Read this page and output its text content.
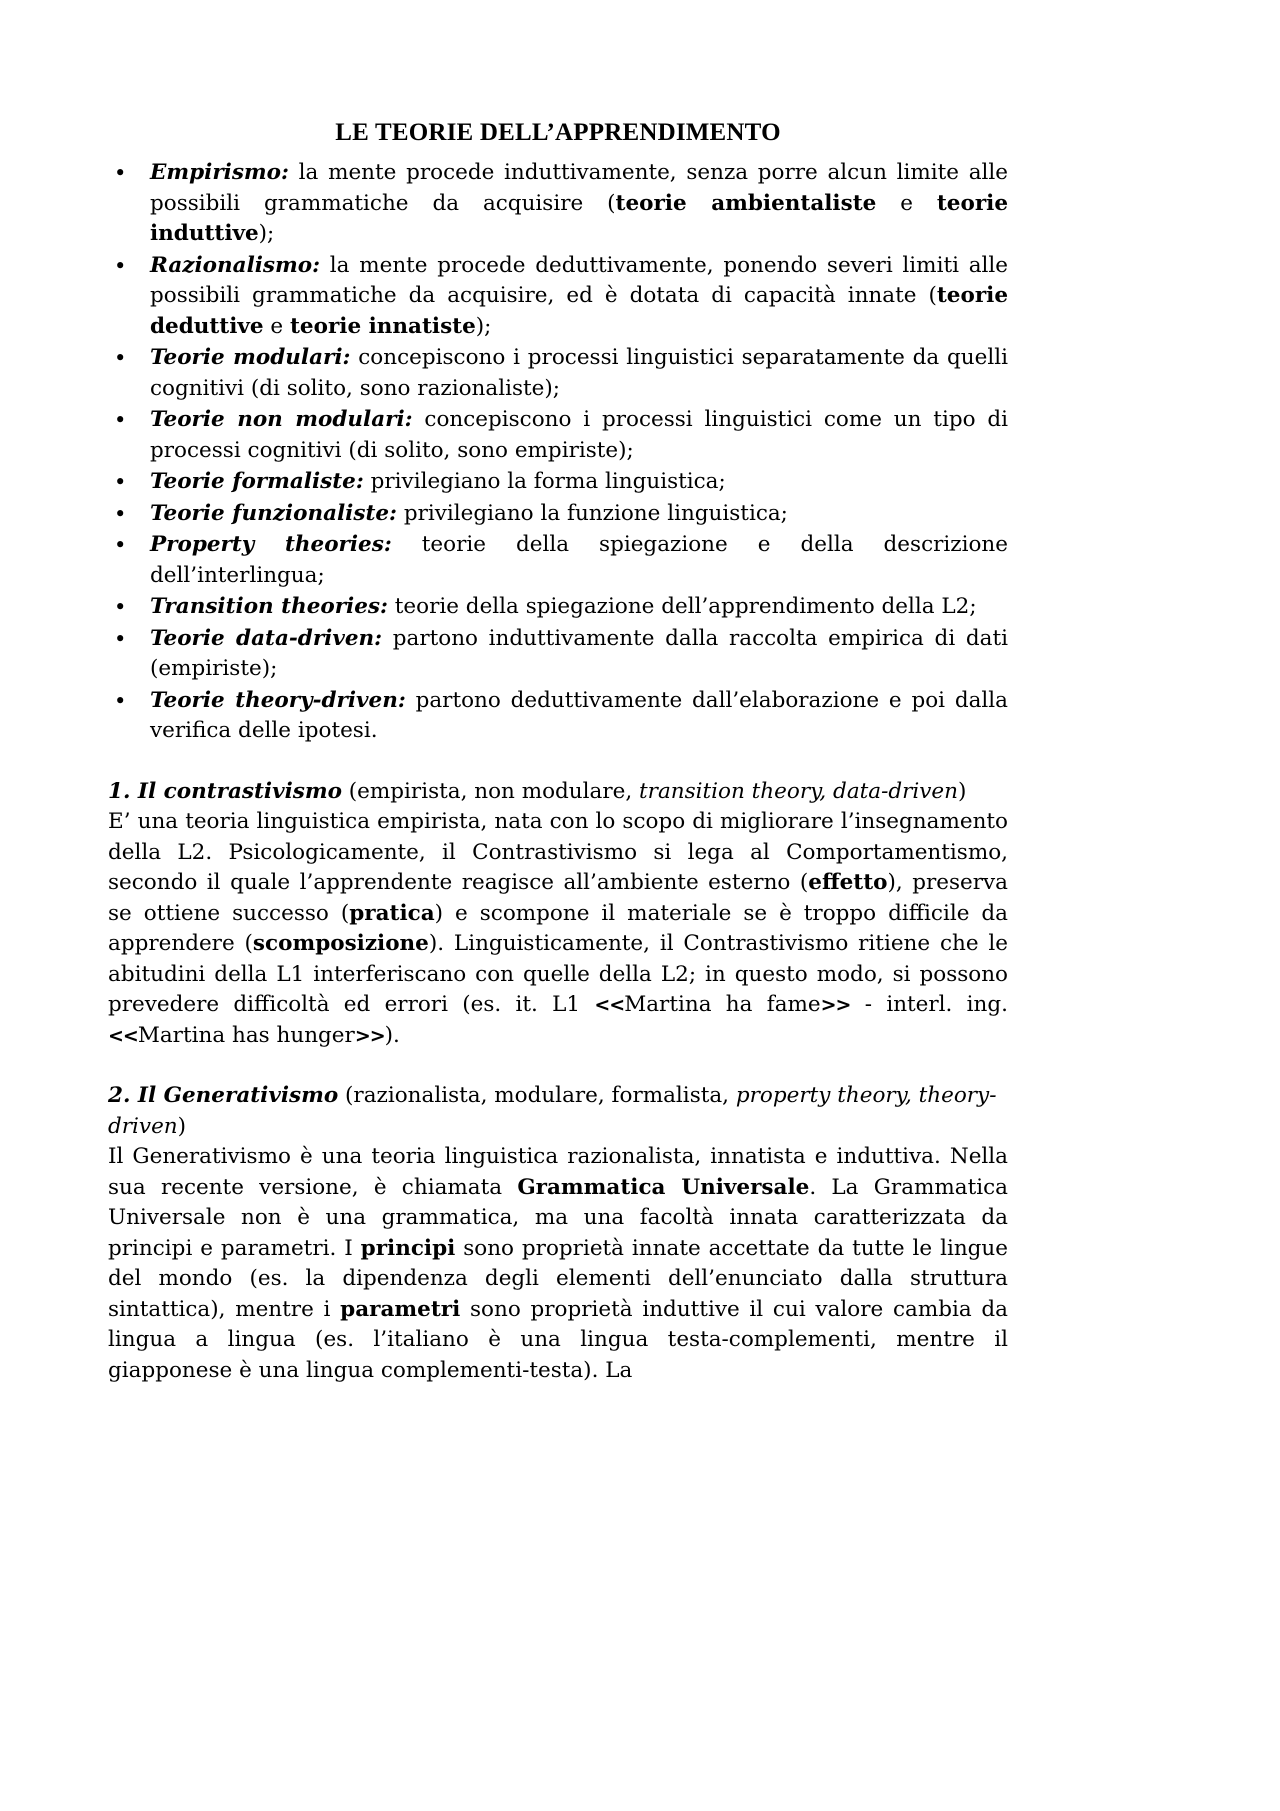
LE TEORIE DELL’APPRENDIMENTO
• Empirismo: la mente procede induttivamente, senza porre alcun limite alle possibili grammatiche da acquisire (teorie ambientaliste e teorie induttive);
• Razionalismo: la mente procede deduttivamente, ponendo severi limiti alle possibili grammatiche da acquisire, ed è dotata di capacità innate (teorie deduttive e teorie innatiste);
• Teorie modulari: concepiscono i processi linguistici separatamente da quelli cognitivi (di solito, sono razionaliste);
• Teorie non modulari: concepiscono i processi linguistici come un tipo di processi cognitivi (di solito, sono empiriste);
• Teorie formaliste: privilegiano la forma linguistica;
• Teorie funzionaliste: privilegiano la funzione linguistica;
• Property theories: teorie della spiegazione e della descrizione dell’interlingua;
• Transition theories: teorie della spiegazione dell’apprendimento della L2;
• Teorie data-driven: partono induttivamente dalla raccolta empirica di dati (empiriste);
• Teorie theory-driven: partono deduttivamente dall’elaborazione e poi dalla verifica delle ipotesi.

1. Il contrastivismo (empirista, non modulare, transition theory, data-driven)

E’ una teoria linguistica empirista, nata con lo scopo di migliorare l’insegnamento della L2. Psicologicamente, il Contrastivismo si lega al Comportamentismo, secondo il quale l’apprendente reagisce all’ambiente esterno (effetto), preserva se ottiene successo (pratica) e scompone il materiale se è troppo difficile da apprendere (scomposizione). Linguisticamente, il Contrastivismo ritiene che le abitudini della L1 interferiscano con quelle della L2; in questo modo, si possono prevedere difficoltà ed errori (es. it. L1 <<Martina ha fame>> - interl. ing. <<Martina has hunger>>).

2. Il Generativismo (razionalista, modulare, formalista, property theory, theory-driven)

Il Generativismo è una teoria linguistica razionalista, innatista e induttiva. Nella sua recente versione, è chiamata Grammatica Universale. La Grammatica Universale non è una grammatica, ma una facoltà innata caratterizzata da principi e parametri. I principi sono proprietà innate accettate da tutte le lingue del mondo (es. la dipendenza degli elementi dell’enunciato dalla struttura sintattica), mentre i parametri sono proprietà induttive il cui valore cambia da lingua a lingua (es. l’italiano è una lingua testa-complementi, mentre il giapponese è una lingua complementi-testa). La
